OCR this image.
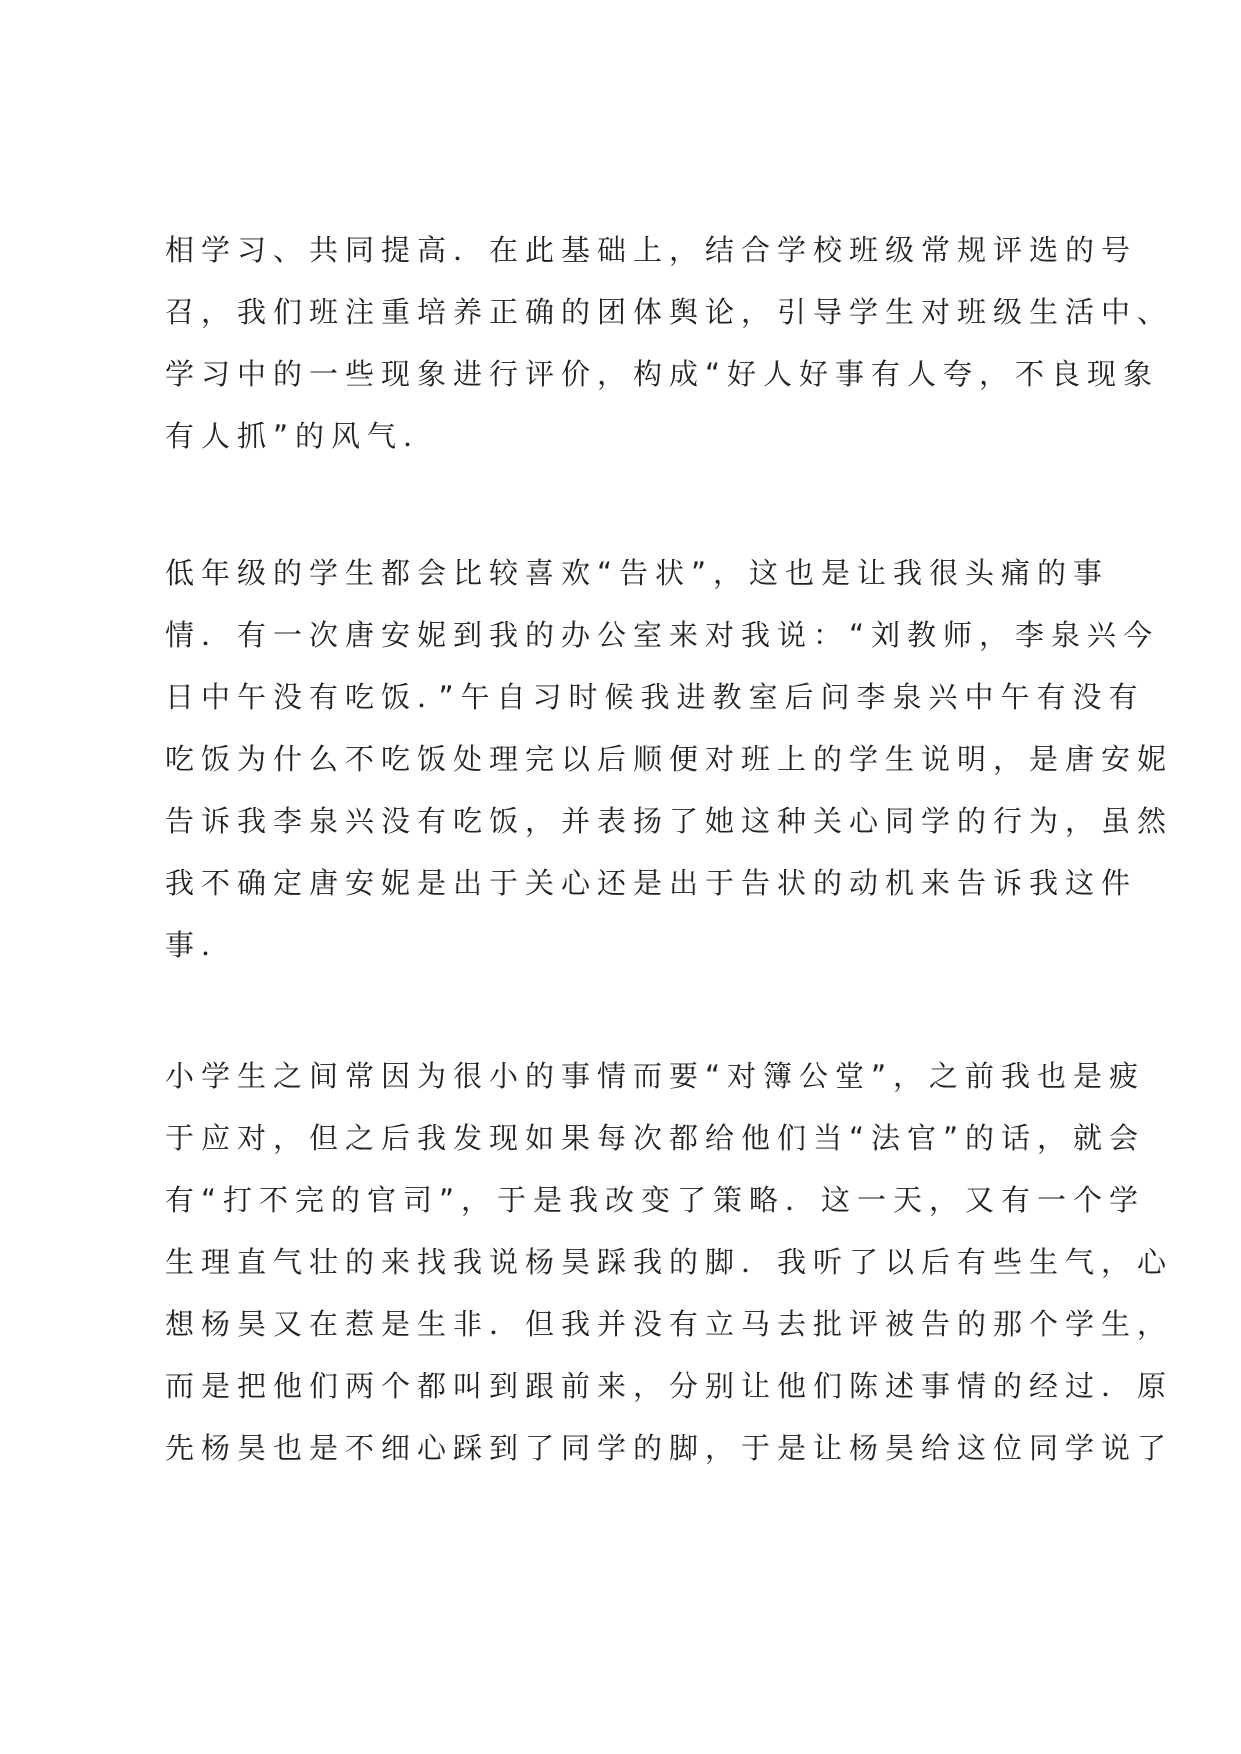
相学习、共同提高．在此基础上，结合学校班级常规评选的号
召，我们班注重培养正确的团体舆论，引导学生对班级生活中、
学习中的一些现象进行评价，构成“好人好事有人夸，不良现象
有人抓”的风气．
低年级的学生都会比较喜欢“告状”，这也是让我很头痛的事
情．有一次唐安妮到我的办公室来对我说：“刘教师，李泉兴今
日中午没有吃饭．”午自习时候我进教室后问李泉兴中午有没有
吃饭为什么不吃饭处理完以后顺便对班上的学生说明，是唐安妮
告诉我李泉兴没有吃饭，并表扬了她这种关心同学的行为，虽然
我不确定唐安妮是出于关心还是出于告状的动机来告诉我这件
事．
小学生之间常因为很小的事情而要“对簿公堂”，之前我也是疲
于应对，但之后我发现如果每次都给他们当“法官”的话，就会
有“打不完的官司”，于是我改变了策略．这一天，又有一个学
生理直气壮的来找我说杨昊踩我的脚．我听了以后有些生气，心
想杨昊又在惹是生非．但我并没有立马去批评被告的那个学生，
而是把他们两个都叫到跟前来，分别让他们陈述事情的经过．原
先杨昊也是不细心踩到了同学的脚，于是让杨昊给这位同学说了
